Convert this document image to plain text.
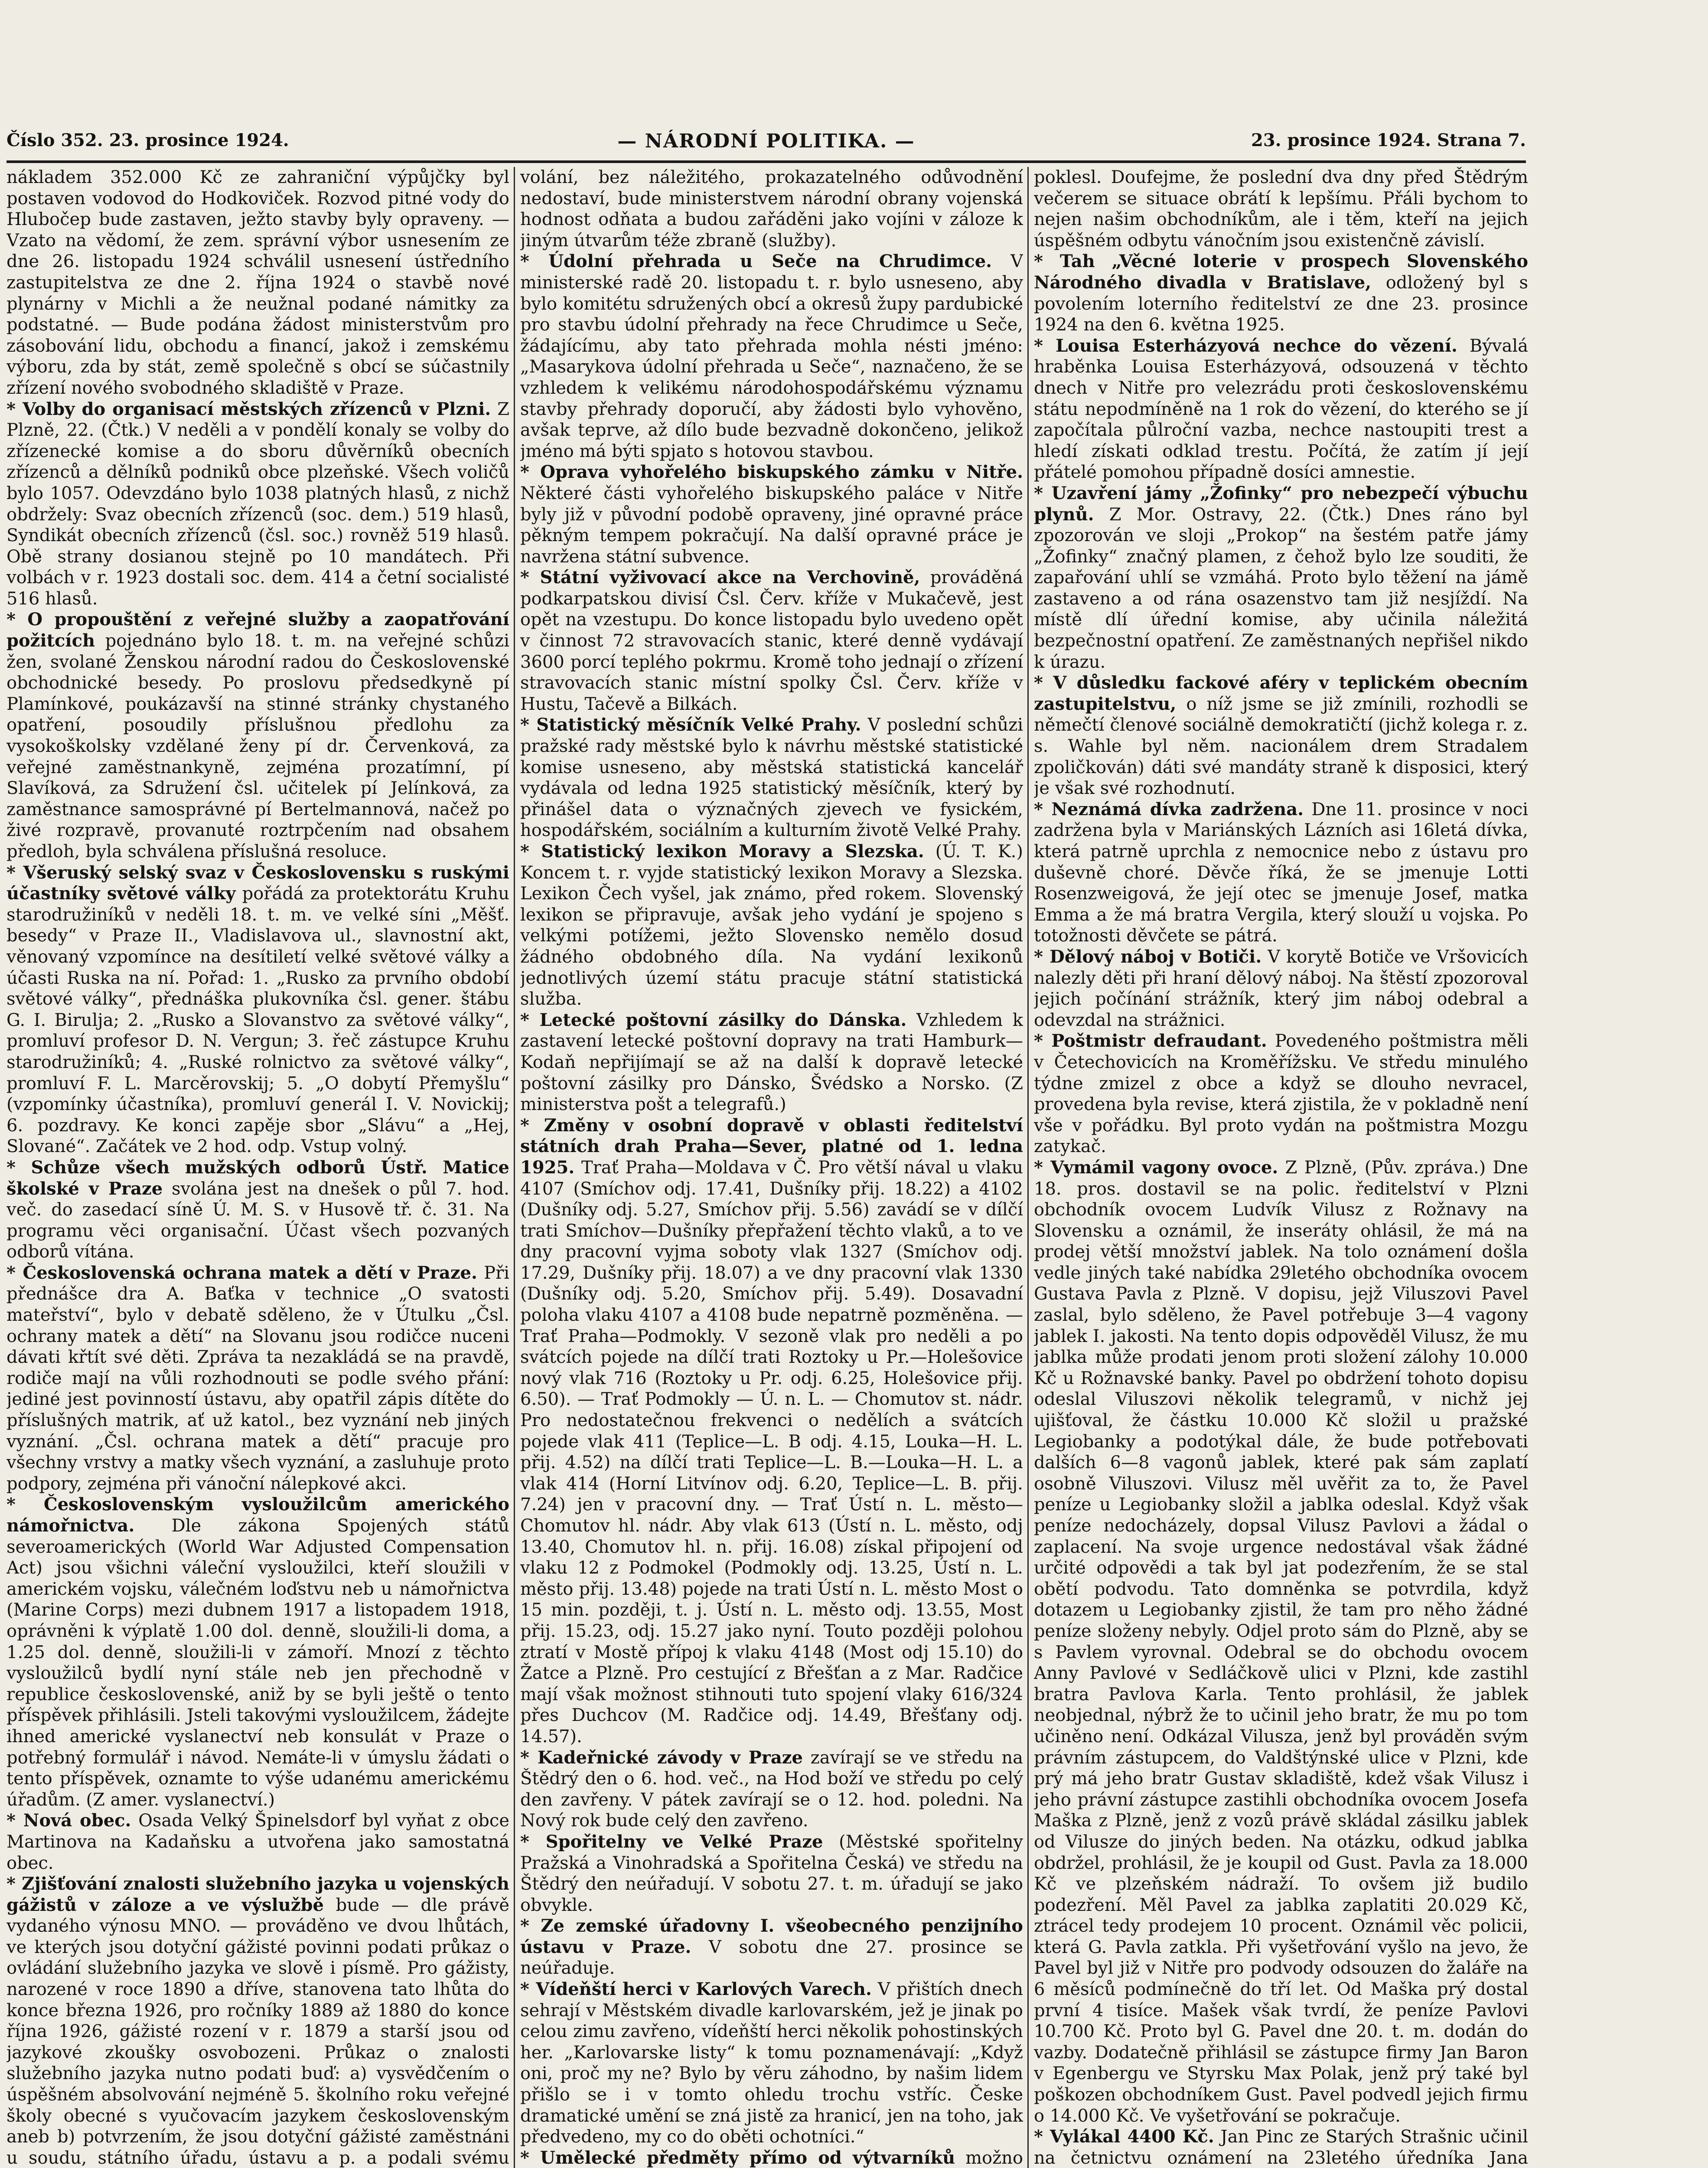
Číslo 352. 23. prosince 1924.	— NÁRODNÍ POLITIKA. —	23. prosince 1924. Strana 7.

nákladem 352.000 Kč ze zahraniční výpůjčky byl postaven vodovod do Hodkoviček. Rozvod pitné vody do Hlubočep bude zastaven, ježto stavby byly opraveny. — Vzato na vědomí, že zem. správní výbor usnesením ze dne 26. listopadu 1924 schválil usnesení ústředního zastupitelstva ze dne 2. října 1924 o stavbě nové plynárny v Michli a že neužnal podané námitky za podstatné. — Bude podána žádost ministerstvům pro zásobování lidu, obchodu a financí, jakož i zemskému výboru, zda by stát, země společně s obcí se súčastnily zřízení nového svobodného skladiště v Praze.

* Volby do organisací městských zřízenců v Plzni. Z Plzně, 22. (Čtk.) V neděli a v pondělí konaly se volby do zřízenecké komise a do sboru důvěrníků obecních zřízenců a dělníků podniků obce plzeňské. Všech voličů bylo 1057. Odevzdáno bylo 1038 platných hlasů, z nichž obdržely: Svaz obecních zřízenců (soc. dem.) 519 hlasů, Syndikát obecních zřízenců (čsl. soc.) rovněž 519 hlasů. Obě strany dosianou stejně po 10 mandátech. Při volbách v r. 1923 dostali soc. dem. 414 a četní socialisté 516 hlasů.

* O propouštění z veřejné služby a zaopatřování požitcích pojednáno bylo 18. t. m. na veřejné schůzi žen, svolané Ženskou národní radou do Československé obchodnické besedy. Po proslovu předsedkyně pí Plamínkové, poukázavší na stinné stránky chystaného opatření, posoudily příslušnou předlohu za vysokoškolsky vzdělané ženy pí dr. Červenková, za veřejné zaměstnankyně, zejména prozatímní, pí Slavíková, za Sdružení čsl. učitelek pí Jelínková, za zaměstnance samosprávné pí Bertelmannová, načež po živé rozpravě, provanuté roztrpčením nad obsahem předloh, byla schválena příslušná resoluce.

* Všeruský selský svaz v Československu s ruskými účastníky světové války pořádá za protektorátu Kruhu starodružiníků v neděli 18. t. m. ve velké síni „Měšť. besedy“ v Praze II., Vladislavova ul., slavnostní akt, věnovaný vzpomínce na desítiletí velké světové války a účasti Ruska na ní. Pořad: 1. „Rusko za prvního období světové války“, přednáška plukovníka čsl. gener. štábu G. I. Birulja; 2. „Rusko a Slovanstvo za světové války“, promluví profesor D. N. Vergun; 3. řeč zástupce Kruhu starodružiníků; 4. „Ruské rolnictvo za světové války“, promluví F. L. Marcěrovskij; 5. „O dobytí Přemyšlu“ (vzpomínky účastníka), promluví generál I. V. Novickij; 6. pozdravy. Ke konci zapěje sbor „Slávu“ a „Hej, Slované“. Začátek ve 2 hod. odp. Vstup volný.

* Schůze všech mužských odborů Ústř. Matice školské v Praze svolána jest na dnešek o půl 7. hod. več. do zasedací síně Ú. M. S. v Husově tř. č. 31. Na programu věci organisační. Účast všech pozvaných odborů vítána.

* Československá ochrana matek a dětí v Praze. Při přednášce dra A. Baťka v technice „O svatosti mateřství“, bylo v debatě sděleno, že v Útulku „Čsl. ochrany matek a dětí“ na Slovanu jsou rodičce nuceni dávati křtít své děti. Zpráva ta nezakládá se na pravdě, rodiče mají na vůli rozhodnouti se podle svého přání: jediné jest povinností ústavu, aby opatřil zápis dítěte do příslušných matrik, ať už katol., bez vyznání neb jiných vyznání. „Čsl. ochrana matek a dětí“ pracuje pro všechny vrstvy a matky všech vyznání, a zasluhuje proto podpory, zejména při vánoční nálepkové akci.

* Československým vysloužilcům amerického námořnictva. Dle zákona Spojených států severoamerických (World War Adjusted Compensation Act) jsou všichni váleční vysloužilci, kteří sloužili v americkém vojsku, válečném loďstvu neb u námořnictva (Marine Corps) mezi dubnem 1917 a listopadem 1918, oprávněni k výplatě 1.00 dol. denně, sloužili-li doma, a 1.25 dol. denně, sloužili-li v zámoří. Mnozí z těchto vysloužilců bydlí nyní stále neb jen přechodně v republice československé, aniž by se byli ještě o tento příspěvek přihlásili. Jsteli takovými vysloužilcem, žádejte ihned americké vyslanectví neb konsulát v Praze o potřebný formulář i návod. Nemáte-li v úmyslu žádati o tento příspěvek, oznamte to výše udanému americkému úřadům. (Z amer. vyslanectví.)

* Nová obec. Osada Velký Špinelsdorf byl vyňat z obce Martinova na Kadaňsku a utvořena jako samostatná obec.

* Zjišťování znalosti služebního jazyka u vojenských gážistů v záloze a ve výslužbě bude — dle právě vydaného výnosu MNO. — prováděno ve dvou lhůtách, ve kterých jsou dotyční gážisté povinni podati průkaz o ovládání služebního jazyka ve slově i písmě. Pro gážisty, narozené v roce 1890 a dříve, stanovena tato lhůta do konce března 1926, pro ročníky 1889 až 1880 do konce října 1926, gážisté rození v r. 1879 a starší jsou od jazykové zkoušky osvobozeni. Průkaz o znalosti služebního jazyka nutno podati buď: a) vysvědčením o úspěšném absolvování nejméně 5. školního roku veřejné školy obecné s vyučovacím jazykem československým aneb b) potvrzením, že jsou dotyční gážisté zaměstnáni u soudu, státního úřadu, ústavu a p. a podali svému

volání, bez náležitého, prokazatelného odůvodnění nedostaví, bude ministerstvem národní obrany vojenská hodnost odňata a budou zařáděni jako vojíni v záloze k jiným útvarům téže zbraně (služby).

* Údolní přehrada u Seče na Chrudimce. V ministerské radě 20. listopadu t. r. bylo usneseno, aby bylo komitétu sdružených obcí a okresů župy pardubické pro stavbu údolní přehrady na řece Chrudimce u Seče, žádajícímu, aby tato přehrada mohla nésti jméno: „Masarykova údolní přehrada u Seče“, naznačeno, že se vzhledem k velikému národohospodářskému významu stavby přehrady doporučí, aby žádosti bylo vyhověno, avšak teprve, až dílo bude bezvadně dokončeno, jelikož jméno má býti spjato s hotovou stavbou.

* Oprava vyhořelého biskupského zámku v Nitře. Některé části vyhořelého biskupského paláce v Nitře byly již v původní podobě opraveny, jiné opravné práce pěkným tempem pokračují. Na další opravné práce je navržena státní subvence.

* Státní vyživovací akce na Verchovině, prováděná podkarpatskou divisí Čsl. Červ. kříže v Mukačevě, jest opět na vzestupu. Do konce listopadu bylo uvedeno opět v činnost 72 stravovacích stanic, které denně vydávají 3600 porcí teplého pokrmu. Kromě toho jednají o zřízení stravovacích stanic místní spolky Čsl. Červ. kříže v Hustu, Tačevě a Bilkách.

* Statistický měsíčník Velké Prahy. V poslední schůzi pražské rady městské bylo k návrhu městské statistické komise usneseno, aby městská statistická kancelář vydávala od ledna 1925 statistický měsíčník, který by přinášel data o význačných zjevech ve fysickém, hospodářském, sociálním a kulturním životě Velké Prahy.

* Statistický lexikon Moravy a Slezska. (Ú. T. K.) Koncem t. r. vyjde statistický lexikon Moravy a Slezska. Lexikon Čech vyšel, jak známo, před rokem. Slovenský lexikon se připravuje, avšak jeho vydání je spojeno s velkými potížemi, ježto Slovensko nemělo dosud žádného obdobného díla. Na vydání lexikonů jednotlivých území státu pracuje státní statistická služba.

* Letecké poštovní zásilky do Dánska. Vzhledem k zastavení letecké poštovní dopravy na trati Hamburk—Kodaň nepřijímají se až na další k dopravě letecké poštovní zásilky pro Dánsko, Švédsko a Norsko. (Z ministerstva pošt a telegrafů.)

* Změny v osobní dopravě v oblasti ředitelství státních drah Praha—Sever, platné od 1. ledna 1925. Trať Praha—Moldava v Č. Pro větší nával u vlaku 4107 (Smíchov odj. 17.41, Dušníky přij. 18.22) a 4102 (Dušníky odj. 5.27, Smíchov přij. 5.56) zavádí se v dílčí trati Smíchov—Dušníky přepřažení těchto vlaků, a to ve dny pracovní vyjma soboty vlak 1327 (Smíchov odj. 17.29, Dušníky přij. 18.07) a ve dny pracovní vlak 1330 (Dušníky odj. 5.20, Smíchov přij. 5.49). Dosavadní poloha vlaku 4107 a 4108 bude nepatrně pozměněna. — Trať Praha—Podmokly. V sezoně vlak pro neděli a po svátcích pojede na dílčí trati Roztoky u Pr.—Holešovice nový vlak 716 (Roztoky u Pr. odj. 6.25, Holešovice přij. 6.50). — Trať Podmokly — Ú. n. L. — Chomutov st. nádr. Pro nedostatečnou frekvenci o nedělích a svátcích pojede vlak 411 (Teplice—L. B odj. 4.15, Louka—H. L. přij. 4.52) na dílčí trati Teplice—L. B.—Louka—H. L. a vlak 414 (Horní Litvínov odj. 6.20, Teplice—L. B. přij. 7.24) jen v pracovní dny. — Trať Ústí n. L. město—Chomutov hl. nádr. Aby vlak 613 (Ústí n. L. město, odj 13.40, Chomutov hl. n. přij. 16.08) získal připojení od vlaku 12 z Podmokel (Podmokly odj. 13.25, Ústí n. L. město přij. 13.48) pojede na trati Ústí n. L. město Most o 15 min. později, t. j. Ústí n. L. město odj. 13.55, Most přij. 15.23, odj. 15.27 jako nyní. Touto později polohou ztratí v Mostě přípoj k vlaku 4148 (Most odj 15.10) do Žatce a Plzně. Pro cestující z Břešťan a z Mar. Radčice mají však možnost stihnouti tuto spojení vlaky 616/324 přes Duchcov (M. Radčice odj. 14.49, Břešťany odj. 14.57).

* Kadeřnické závody v Praze zavírají se ve středu na Štědrý den o 6. hod. več., na Hod boží ve středu po celý den zavřeny. V pátek zavírají se o 12. hod. poledni. Na Nový rok bude celý den zavřeno.

* Spořitelny ve Velké Praze (Městské spořitelny Pražská a Vinohradská a Spořitelna Česká) ve středu na Štědrý den neúřadují. V sobotu 27. t. m. úřadují se jako obvykle.

* Ze zemské úřadovny I. všeobecného penzijního ústavu v Praze. V sobotu dne 27. prosince se neúřaduje.

* Vídeňští herci v Karlových Varech. V přištích dnech sehrají v Městském divadle karlovarském, jež je jinak po celou zimu zavřeno, vídeňští herci několik pohostinských her. „Karlovarske listy“ k tomu poznamenávají: „Když oni, proč my ne? Bylo by věru záhodno, by našim lidem přišlo se i v tomto ohledu trochu vstříc. Česke dramatické umění se zná jistě za hranicí, jen na toho, jak předvedeno, my co do oběti ochotníci.“

* Umělecké předměty přímo od výtvarníků možno

poklesl. Doufejme, že poslední dva dny před Štědrým večerem se situace obrátí k lepšímu. Přáli bychom to nejen našim obchodníkům, ale i těm, kteří na jejich úspěšném odbytu vánočním jsou existenčně závislí.

* Tah „Věcné loterie v prospech Slovenského Národného divadla v Bratislave, odložený byl s povolením loterního ředitelství ze dne 23. prosince 1924 na den 6. května 1925.

* Louisa Esterházyová nechce do vězení. Bývalá hraběnka Louisa Esterházyová, odsouzená v těchto dnech v Nitře pro velezrádu proti československému státu nepodmíněně na 1 rok do vězení, do kterého se jí započítala půlroční vazba, nechce nastoupiti trest a hledí získati odklad trestu. Počítá, že zatím jí její přátelé pomohou případně dosíci amnestie.

* Uzavření jámy „Žofinky“ pro nebezpečí výbuchu plynů. Z Mor. Ostravy, 22. (Čtk.) Dnes ráno byl zpozorován ve sloji „Prokop“ na šestém patře jámy „Žofinky“ značný plamen, z čehož bylo lze souditi, že zapařování uhlí se vzmáhá. Proto bylo těžení na jámě zastaveno a od rána osazenstvo tam již nesjíždí. Na místě dlí úřední komise, aby učinila náležitá bezpečnostní opatření. Ze zaměstnaných nepřišel nikdo k úrazu.

* V důsledku fackové aféry v teplickém obecním zastupitelstvu, o níž jsme se již zmínili, rozhodli se němečtí členové sociálně demokratičtí (jichž kolega r. z. s. Wahle byl něm. nacionálem drem Stradalem zpoličkován) dáti své mandáty straně k disposici, který je však své rozhodnutí.

* Neznámá dívka zadržena. Dne 11. prosince v noci zadržena byla v Mariánských Lázních asi 16letá dívka, která patrně uprchla z nemocnice nebo z ústavu pro duševně choré. Děvče říká, že se jmenuje Lotti Rosenzweigová, že její otec se jmenuje Josef, matka Emma a že má bratra Vergila, který slouží u vojska. Po totožnosti děvčete se pátrá.

* Dělový náboj v Botiči. V korytě Botiče ve Vršovicích nalezly děti při hraní dělový náboj. Na štěstí zpozoroval jejich počínání strážník, který jim náboj odebral a odevzdal na strážnici.

* Poštmistr defraudant. Povedeného poštmistra měli v Četechovicích na Kroměřížsku. Ve středu minulého týdne zmizel z obce a když se dlouho nevracel, provedena byla revise, která zjistila, že v pokladně není vše v pořádku. Byl proto vydán na poštmistra Mozgu zatykač.

* Vymámil vagony ovoce. Z Plzně, (Pův. zpráva.) Dne 18. pros. dostavil se na polic. ředitelství v Plzni obchodník ovocem Ludvík Vilusz z Rožnavy na Slovensku a oznámil, že inseráty ohlásil, že má na prodej větší množství jablek. Na tolo oznámení došla vedle jiných také nabídka 29letého obchodníka ovocem Gustava Pavla z Plzně. V dopisu, jejž Viluszovi Pavel zaslal, bylo sděleno, že Pavel potřebuje 3—4 vagony jablek I. jakosti. Na tento dopis odpověděl Vilusz, že mu jablka může prodati jenom proti složení zálohy 10.000 Kč u Rožnavské banky. Pavel po obdržení tohoto dopisu odeslal Viluszovi několik telegramů, v nichž jej ujišťoval, že částku 10.000 Kč složil u pražské Legiobanky a podotýkal dále, že bude potřebovati dalších 6—8 vagonů jablek, které pak sám zaplatí osobně Viluszovi. Vilusz měl uvěřit za to, že Pavel peníze u Legiobanky složil a jablka odeslal. Když však peníze nedocházely, dopsal Vilusz Pavlovi a žádal o zaplacení. Na svoje urgence nedostával však žádné určité odpovědi a tak byl jat podezřením, že se stal obětí podvodu. Tato domněnka se potvrdila, když dotazem u Legiobanky zjistil, že tam pro něho žádné peníze složeny nebyly. Odjel proto sám do Plzně, aby se s Pavlem vyrovnal. Odebral se do obchodu ovocem Anny Pavlové v Sedláčkově ulici v Plzni, kde zastihl bratra Pavlova Karla. Tento prohlásil, že jablek neobjednal, nýbrž že to učinil jeho bratr, že mu po tom učiněno není. Odkázal Vilusza, jenž byl prováděn svým právním zástupcem, do Valdštýnské ulice v Plzni, kde prý má jeho bratr Gustav skladiště, kdež však Vilusz i jeho právní zástupce zastihli obchodníka ovocem Josefa Maška z Plzně, jenž z vozů právě skládal zásilku jablek od Vilusze do jiných beden. Na otázku, odkud jablka obdržel, prohlásil, že je koupil od Gust. Pavla za 18.000 Kč ve plzeňském nádraží. To ovšem již budilo podezření. Měl Pavel za jablka zaplatiti 20.029 Kč, ztrácel tedy prodejem 10 procent. Oznámil věc policii, která G. Pavla zatkla. Při vyšetřování vyšlo na jevo, že Pavel byl již v Nitře pro podvody odsouzen do žaláře na 6 měsíců podmínečně do tří let. Od Maška prý dostal první 4 tisíce. Mašek však tvrdí, že peníze Pavlovi 10.700 Kč. Proto byl G. Pavel dne 20. t. m. dodán do vazby. Dodatečně přihlásil se zástupce firmy Jan Baron v Egenbergu ve Styrsku Max Polak, jenž prý také byl poškozen obchodníkem Gust. Pavel podvedl jejich firmu o 14.000 Kč. Ve vyšetřování se pokračuje.

* Vylákal 4400 Kč. Jan Pinc ze Starých Strašnic učinil na četnictvu oznámení na 23letého úředníka Jana
